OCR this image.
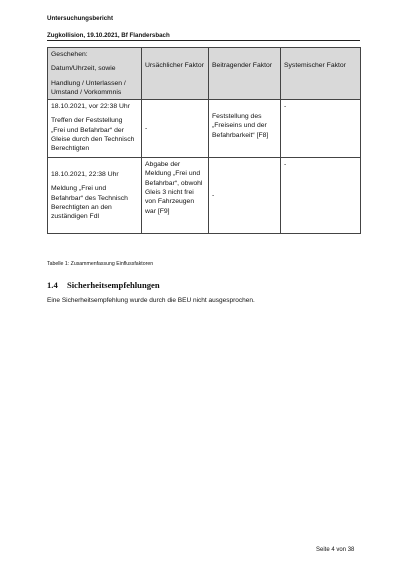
Untersuchungsbericht
Zugkollision, 19.10.2021, Bf Flandersbach
Geschehen:
Datum/Uhrzeit, sowie
Handlung / Unterlassen / Umstand / Vorkommnis	Ursächlicher Faktor	Beitragender Faktor	Systemischer Faktor
18.10.2021, vor 22:38 Uhr
Treffen der Feststellung „Frei und Befahrbar“ der Gleise durch den Technisch Berechtigten	-	Feststellung des „Freiseins und der Befahrbarkeit“ [F8]	-
18.10.2021, 22:38 Uhr
Meldung „Frei und Befahrbar“ des Technisch Berechtigten an den zuständigen Fdl	Abgabe der Meldung „Frei und Befahrbar“, obwohl Gleis 3 nicht frei von Fahrzeugen war [F9]	-	-
Tabelle 1: Zusammenfassung Einflussfaktoren
1.4 Sicherheitsempfehlungen
Eine Sicherheitsempfehlung wurde durch die BEU nicht ausgesprochen.
Seite 4 von 38
